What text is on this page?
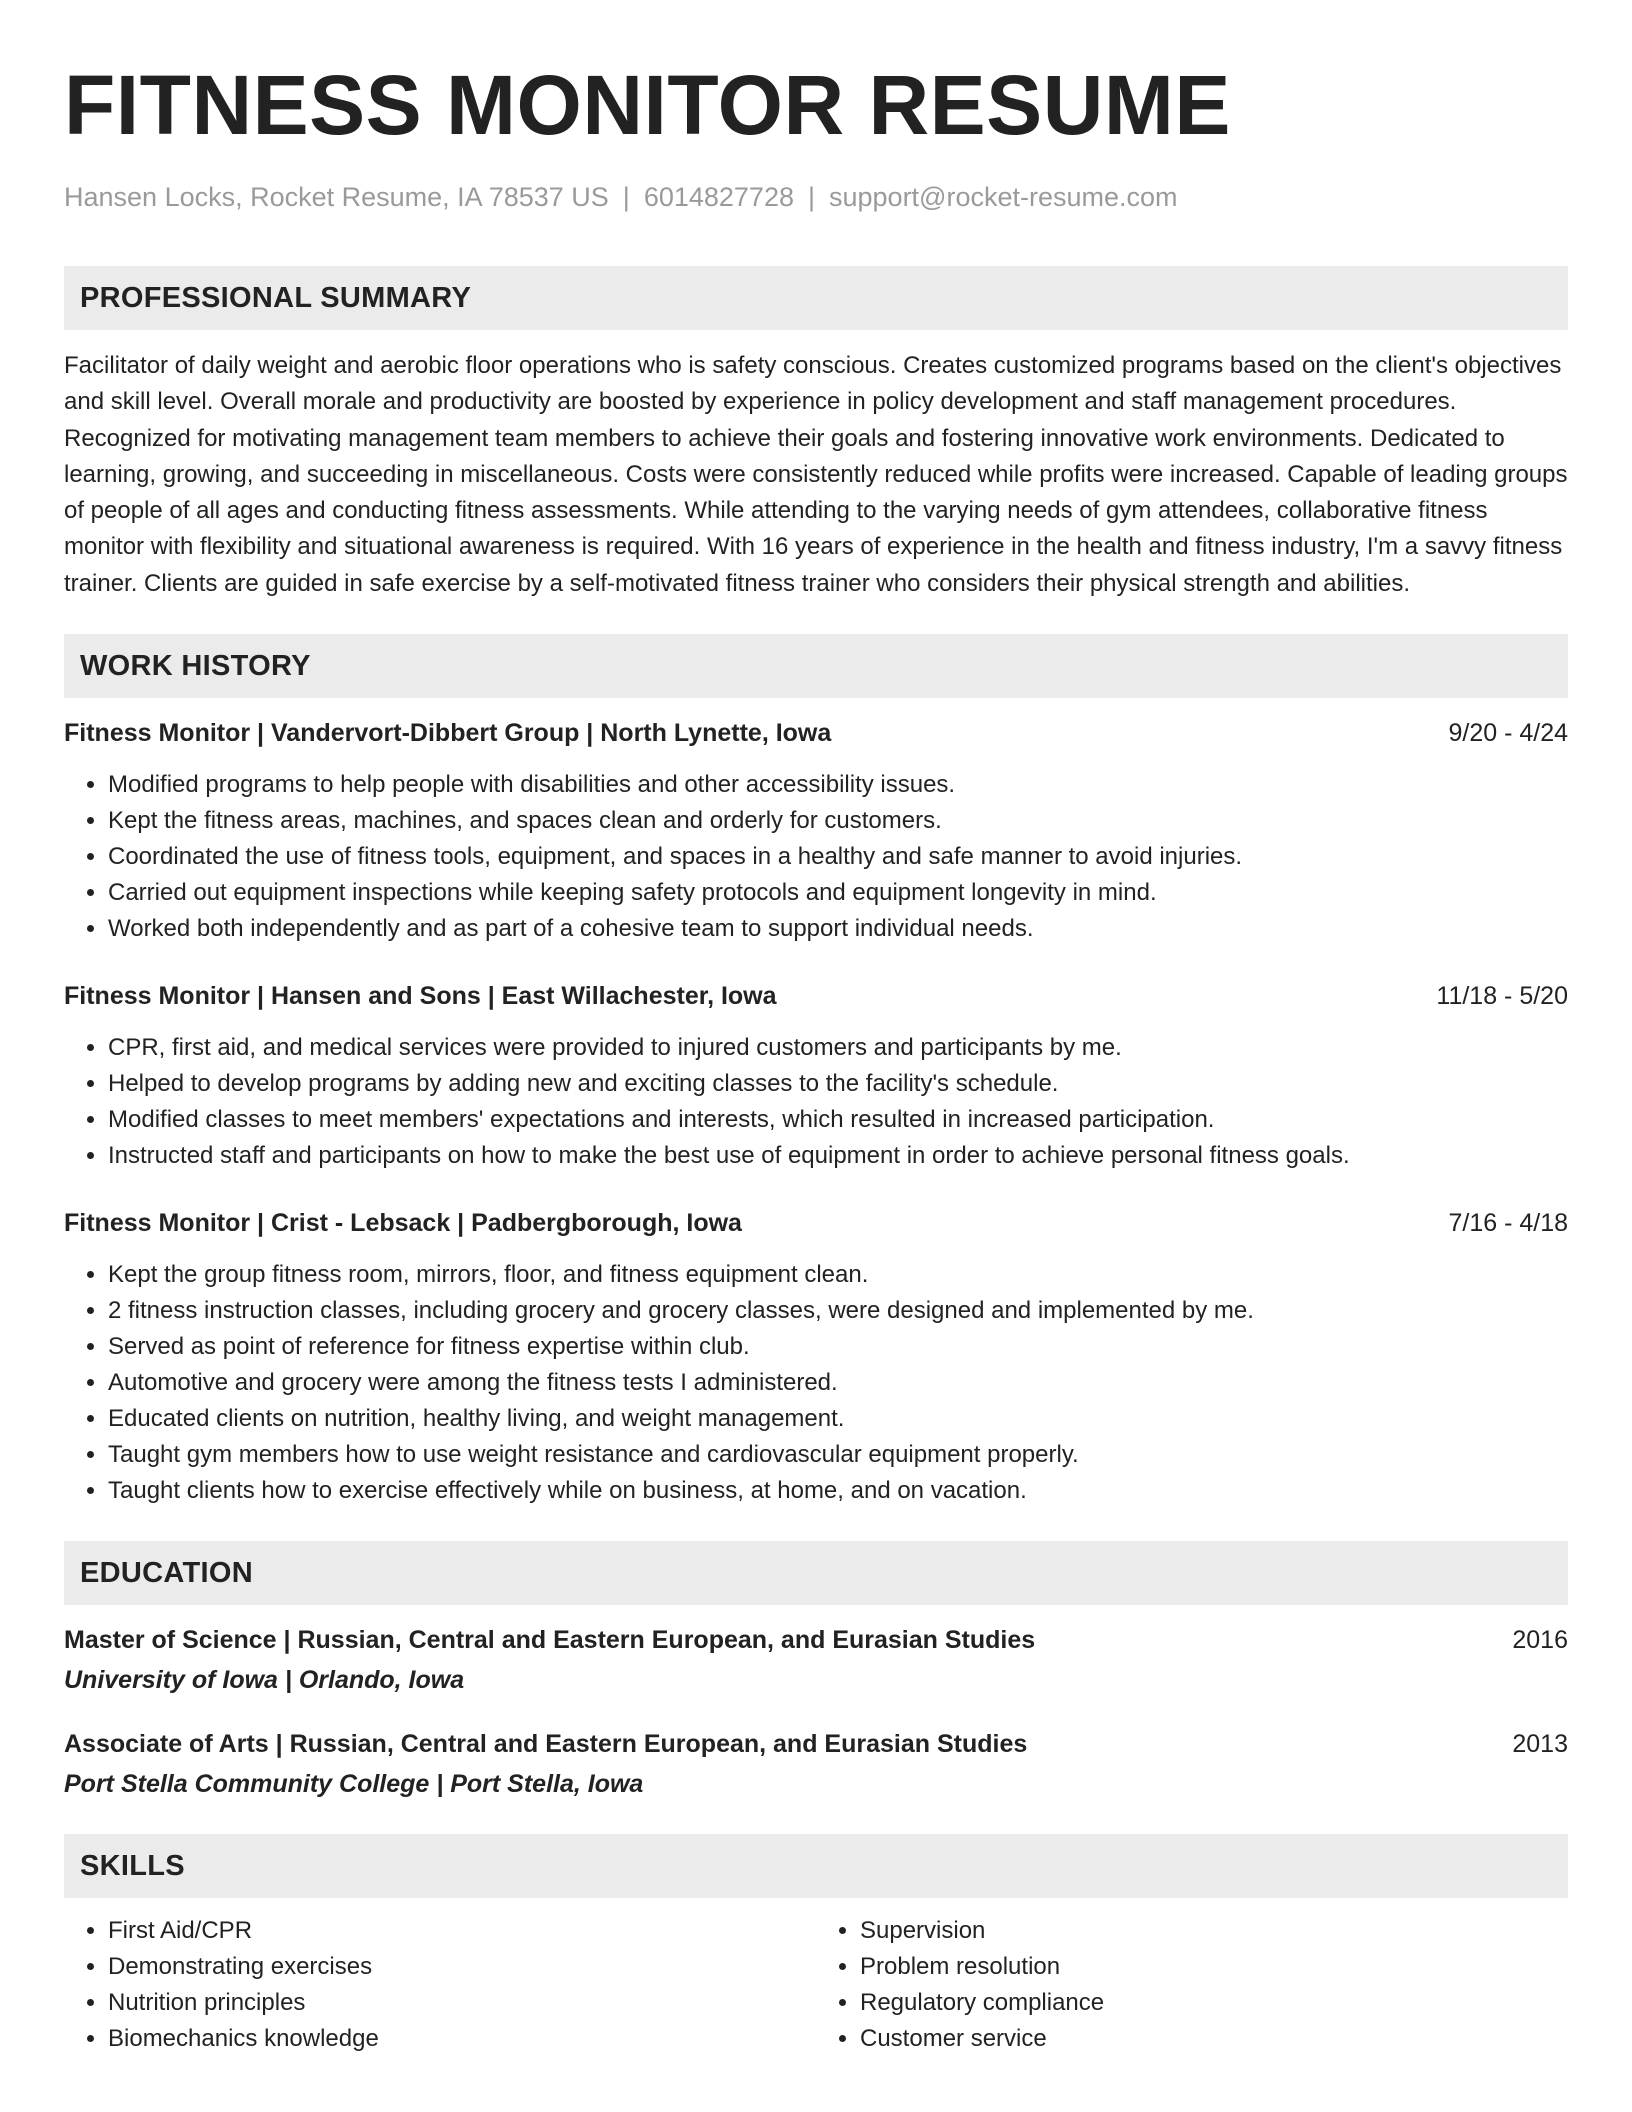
FITNESS MONITOR RESUME
Hansen Locks, Rocket Resume, IA 78537 US | 6014827728 | support@rocket-resume.com
PROFESSIONAL SUMMARY

Facilitator of daily weight and aerobic floor operations who is safety conscious. Creates customized programs based on the client's objectives and skill level. Overall morale and productivity are boosted by experience in policy development and staff management procedures. Recognized for motivating management team members to achieve their goals and fostering innovative work environments. Dedicated to learning, growing, and succeeding in miscellaneous. Costs were consistently reduced while profits were increased. Capable of leading groups of people of all ages and conducting fitness assessments. While attending to the varying needs of gym attendees, collaborative fitness monitor with flexibility and situational awareness is required. With 16 years of experience in the health and fitness industry, I'm a savvy fitness trainer. Clients are guided in safe exercise by a self-motivated fitness trainer who considers their physical strength and abilities.

WORK HISTORY
Fitness Monitor | Vandervort-Dibbert Group | North Lynette, Iowa	9/20 - 4/24
• Modified programs to help people with disabilities and other accessibility issues.
• Kept the fitness areas, machines, and spaces clean and orderly for customers.
• Coordinated the use of fitness tools, equipment, and spaces in a healthy and safe manner to avoid injuries.
• Carried out equipment inspections while keeping safety protocols and equipment longevity in mind.
• Worked both independently and as part of a cohesive team to support individual needs.
Fitness Monitor | Hansen and Sons | East Willachester, Iowa	11/18 - 5/20
• CPR, first aid, and medical services were provided to injured customers and participants by me.
• Helped to develop programs by adding new and exciting classes to the facility's schedule.
• Modified classes to meet members' expectations and interests, which resulted in increased participation.
• Instructed staff and participants on how to make the best use of equipment in order to achieve personal fitness goals.
Fitness Monitor | Crist - Lebsack | Padbergborough, Iowa	7/16 - 4/18
• Kept the group fitness room, mirrors, floor, and fitness equipment clean.
• 2 fitness instruction classes, including grocery and grocery classes, were designed and implemented by me.
• Served as point of reference for fitness expertise within club.
• Automotive and grocery were among the fitness tests I administered.
• Educated clients on nutrition, healthy living, and weight management.
• Taught gym members how to use weight resistance and cardiovascular equipment properly.
• Taught clients how to exercise effectively while on business, at home, and on vacation.
EDUCATION
Master of Science | Russian, Central and Eastern European, and Eurasian Studies	2016
University of Iowa | Orlando, Iowa
Associate of Arts | Russian, Central and Eastern European, and Eurasian Studies	2013
Port Stella Community College | Port Stella, Iowa
SKILLS
• First Aid/CPR
• Demonstrating exercises
• Nutrition principles
• Biomechanics knowledge
• Supervision
• Problem resolution
• Regulatory compliance
• Customer service
